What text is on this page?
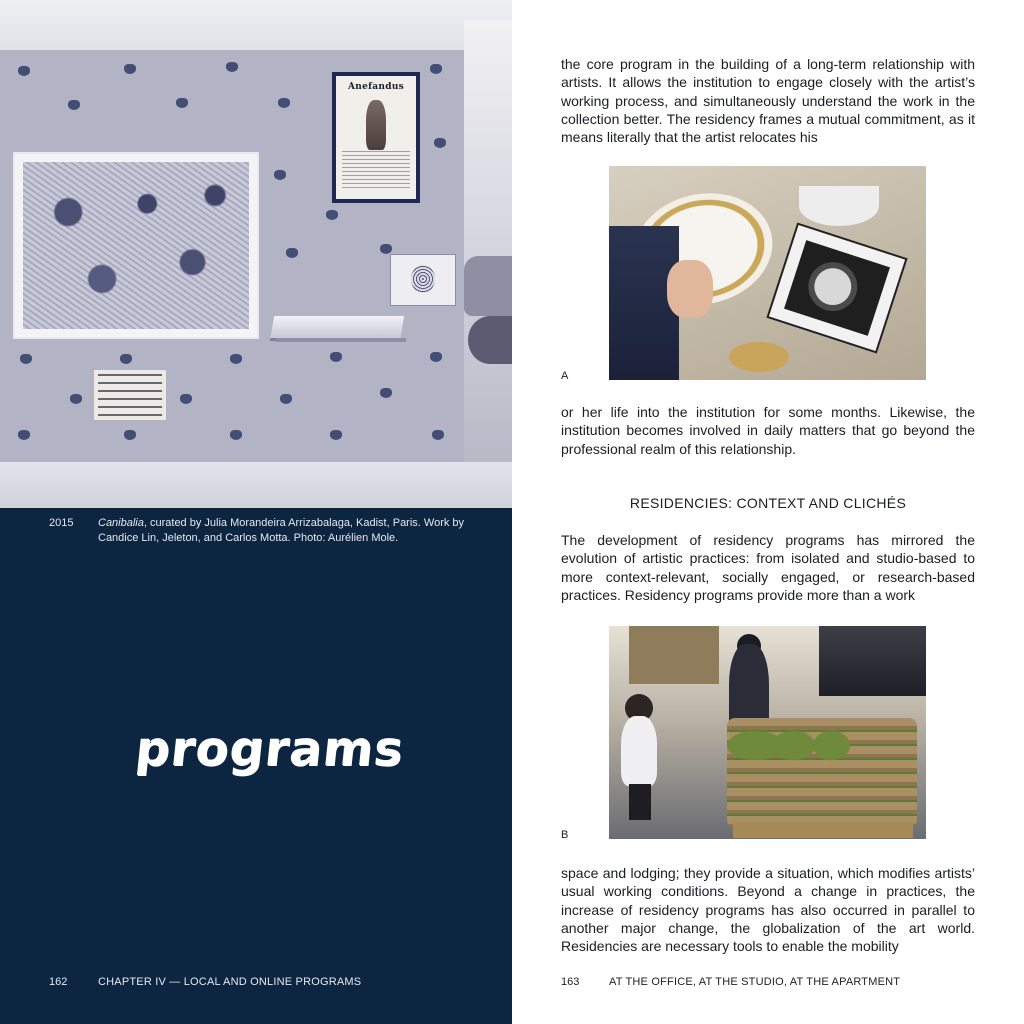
Anefandus
2015 Canibalia, curated by Julia Morandeira Arrizabalaga, Kadist, Paris. Work by Candice Lin, Jeleton, and Carlos Motta. Photo: Aurélien Mole.
programs
162	CHAPTER IV — LOCAL AND ONLINE PROGRAMS
the core program in the building of a long-term relationship with artists. It allows the institution to engage closely with the artist’s working process, and simultaneously understand the work in the collection better. The residency frames a mutual commitment, as it means literally that the artist relocates his
A
or her life into the institution for some months. Likewise, the institution becomes involved in daily matters that go beyond the professional realm of this relationship.
RESIDENCIES: CONTEXT AND CLICHÉS
The development of residency programs has mirrored the evolution of artistic practices: from isolated and studio-based to more context-relevant, socially engaged, or research-based practices. Residency programs provide more than a work
B
space and lodging; they provide a situation, which modifies artists’ usual working conditions. Beyond a change in practices, the increase of residency programs has also occurred in parallel to another major change, the globalization of the art world. Residencies are necessary tools to enable the mobility
163	AT THE OFFICE, AT THE STUDIO, AT THE APARTMENT
